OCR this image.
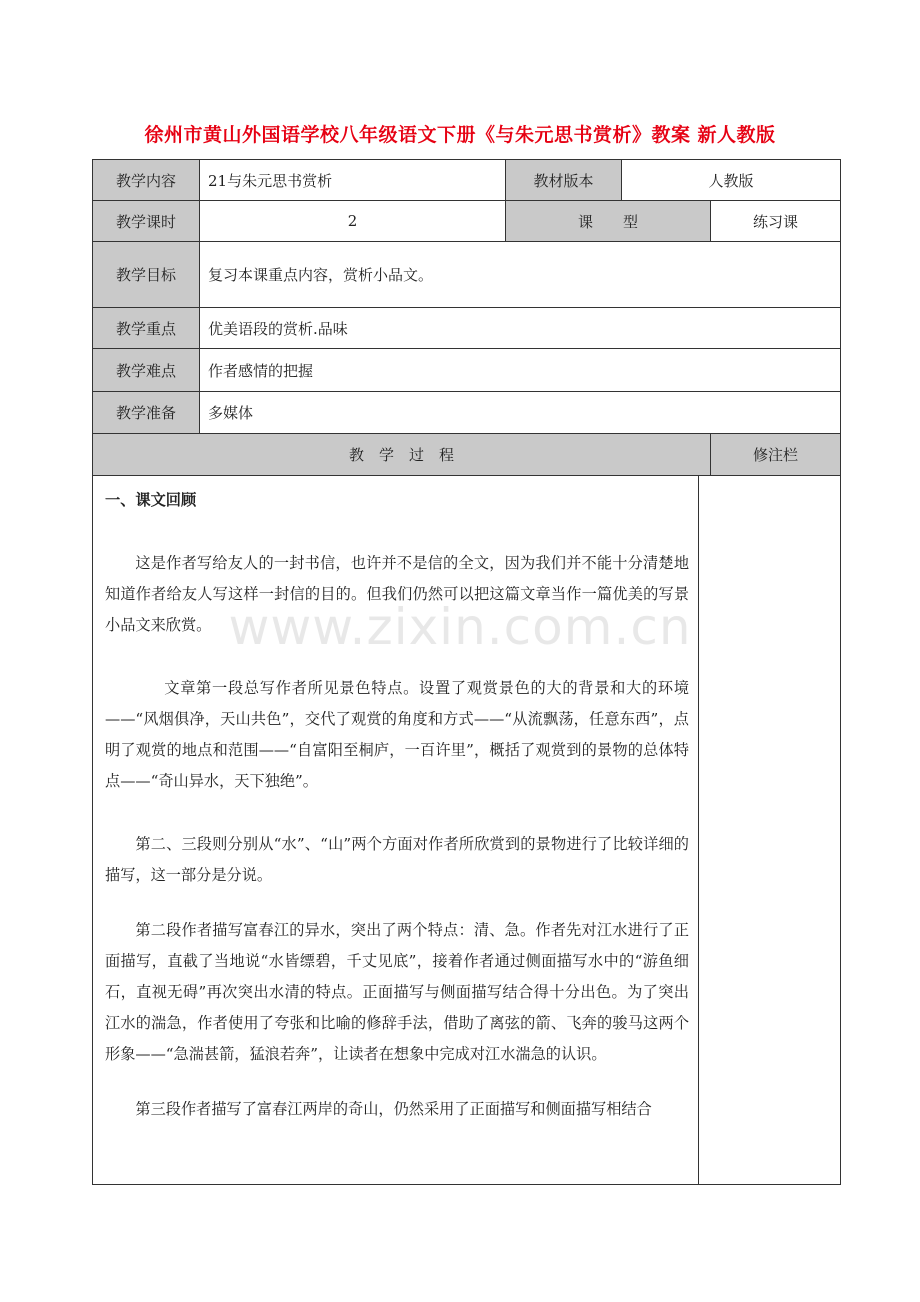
徐州市黄山外国语学校八年级语文下册《与朱元思书赏析》教案 新人教版
教学内容	21与朱元思书赏析	教材版本	人教版	
教学课时	2	课　　型		练习课
教学目标	复习本课重点内容，赏析小品文。			
教学重点	优美语段的赏析.品味			
教学难点	作者感情的把握			
教学准备	多媒体			
教　学　过　程				修注栏

一、课文回顾

这是作者写给友人的一封书信，也许并不是信的全文，因为我们并不能十分清楚地知道作者给友人写这样一封信的目的。但我们仍然可以把这篇文章当作一篇优美的写景小品文来欣赏。

文章第一段总写作者所见景色特点。设置了观赏景色的大的背景和大的环境——“风烟俱净，天山共色”，交代了观赏的角度和方式——“从流飘荡，任意东西”，点明了观赏的地点和范围——“自富阳至桐庐，一百许里”，概括了观赏到的景物的总体特点——“奇山异水，天下独绝”。

第二、三段则分别从“水”、“山”两个方面对作者所欣赏到的景物进行了比较详细的描写，这一部分是分说。

第二段作者描写富春江的异水，突出了两个特点：清、急。作者先对江水进行了正面描写，直截了当地说“水皆缥碧，千丈见底”，接着作者通过侧面描写水中的“游鱼细石，直视无碍”再次突出水清的特点。正面描写与侧面描写结合得十分出色。为了突出江水的湍急，作者使用了夸张和比喻的修辞手法，借助了离弦的箭、飞奔的骏马这两个形象——“急湍甚箭，猛浪若奔”，让读者在想象中完成对江水湍急的认识。

第三段作者描写了富春江两岸的奇山，仍然采用了正面描写和侧面描写相结合

www.zixin.com.cn
